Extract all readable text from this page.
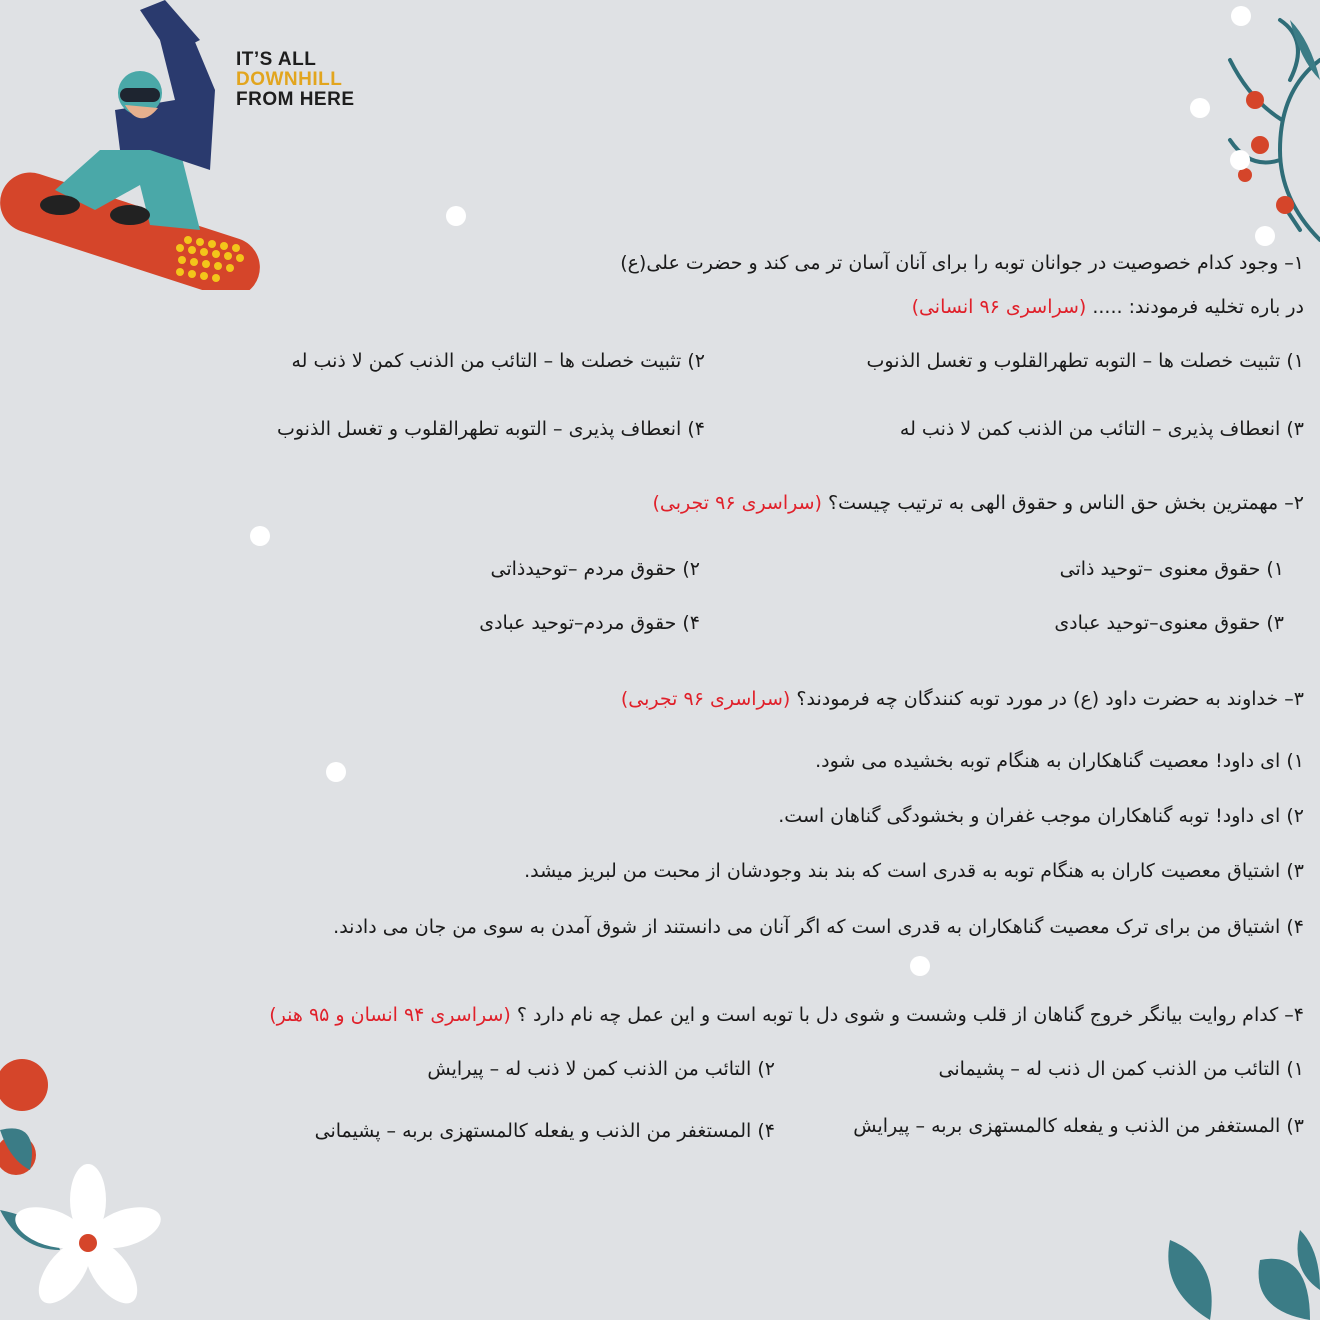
IT’S ALL
DOWNHILL
FROM HERE
۱– وجود کدام خصوصیت در جوانان توبه را برای آنان آسان تر می کند و حضرت علی(ع)
در باره تخلیه فرمودند: ..... (سراسری ۹۶ انسانی)
۱) تثبیت خصلت ها – التوبه تطهرالقلوب و تغسل الذنوب
۲) تثبیت خصلت ها – التائب من الذنب کمن لا ذنب له
۳) انعطاف پذیری – التائب من الذنب کمن لا ذنب له
۴) انعطاف پذیری – التوبه تطهرالقلوب و تغسل الذنوب
۲– مهمترین بخش حق الناس و حقوق الهی به ترتیب چیست؟ (سراسری ۹۶ تجربی)
۱) حقوق معنوی –توحید ذاتی
۲) حقوق مردم –توحیدذاتی
۳) حقوق معنوی–توحید عبادی
۴) حقوق مردم–توحید عبادی
۳– خداوند به حضرت داود (ع) در مورد توبه کنندگان چه فرمودند؟ (سراسری ۹۶ تجربی)
۱) ای داود! معصیت گناهکاران به هنگام توبه بخشیده می شود.
۲) ای داود! توبه گناهکاران موجب غفران و بخشودگی گناهان است.
۳) اشتیاق معصیت کاران به هنگام توبه به قدری است که بند بند وجودشان از محبت من لبریز میشد.
۴) اشتیاق من برای ترک معصیت گناهکاران به قدری است که اگر آنان می دانستند از شوق آمدن به سوی من جان می دادند.
۴– کدام روایت بیانگر خروج گناهان از قلب وشست و شوی دل با توبه است و این عمل چه نام دارد ؟ (سراسری ۹۴ انسان و ۹۵ هنر)
۱) التائب من الذنب کمن ال ذنب له – پشیمانی
۲) التائب من الذنب کمن لا ذنب له – پیرایش
۳) المستغفر من الذنب و یفعله کالمستهزی بربه – پیرایش
۴) المستغفر من الذنب و یفعله کالمستهزی بربه – پشیمانی
